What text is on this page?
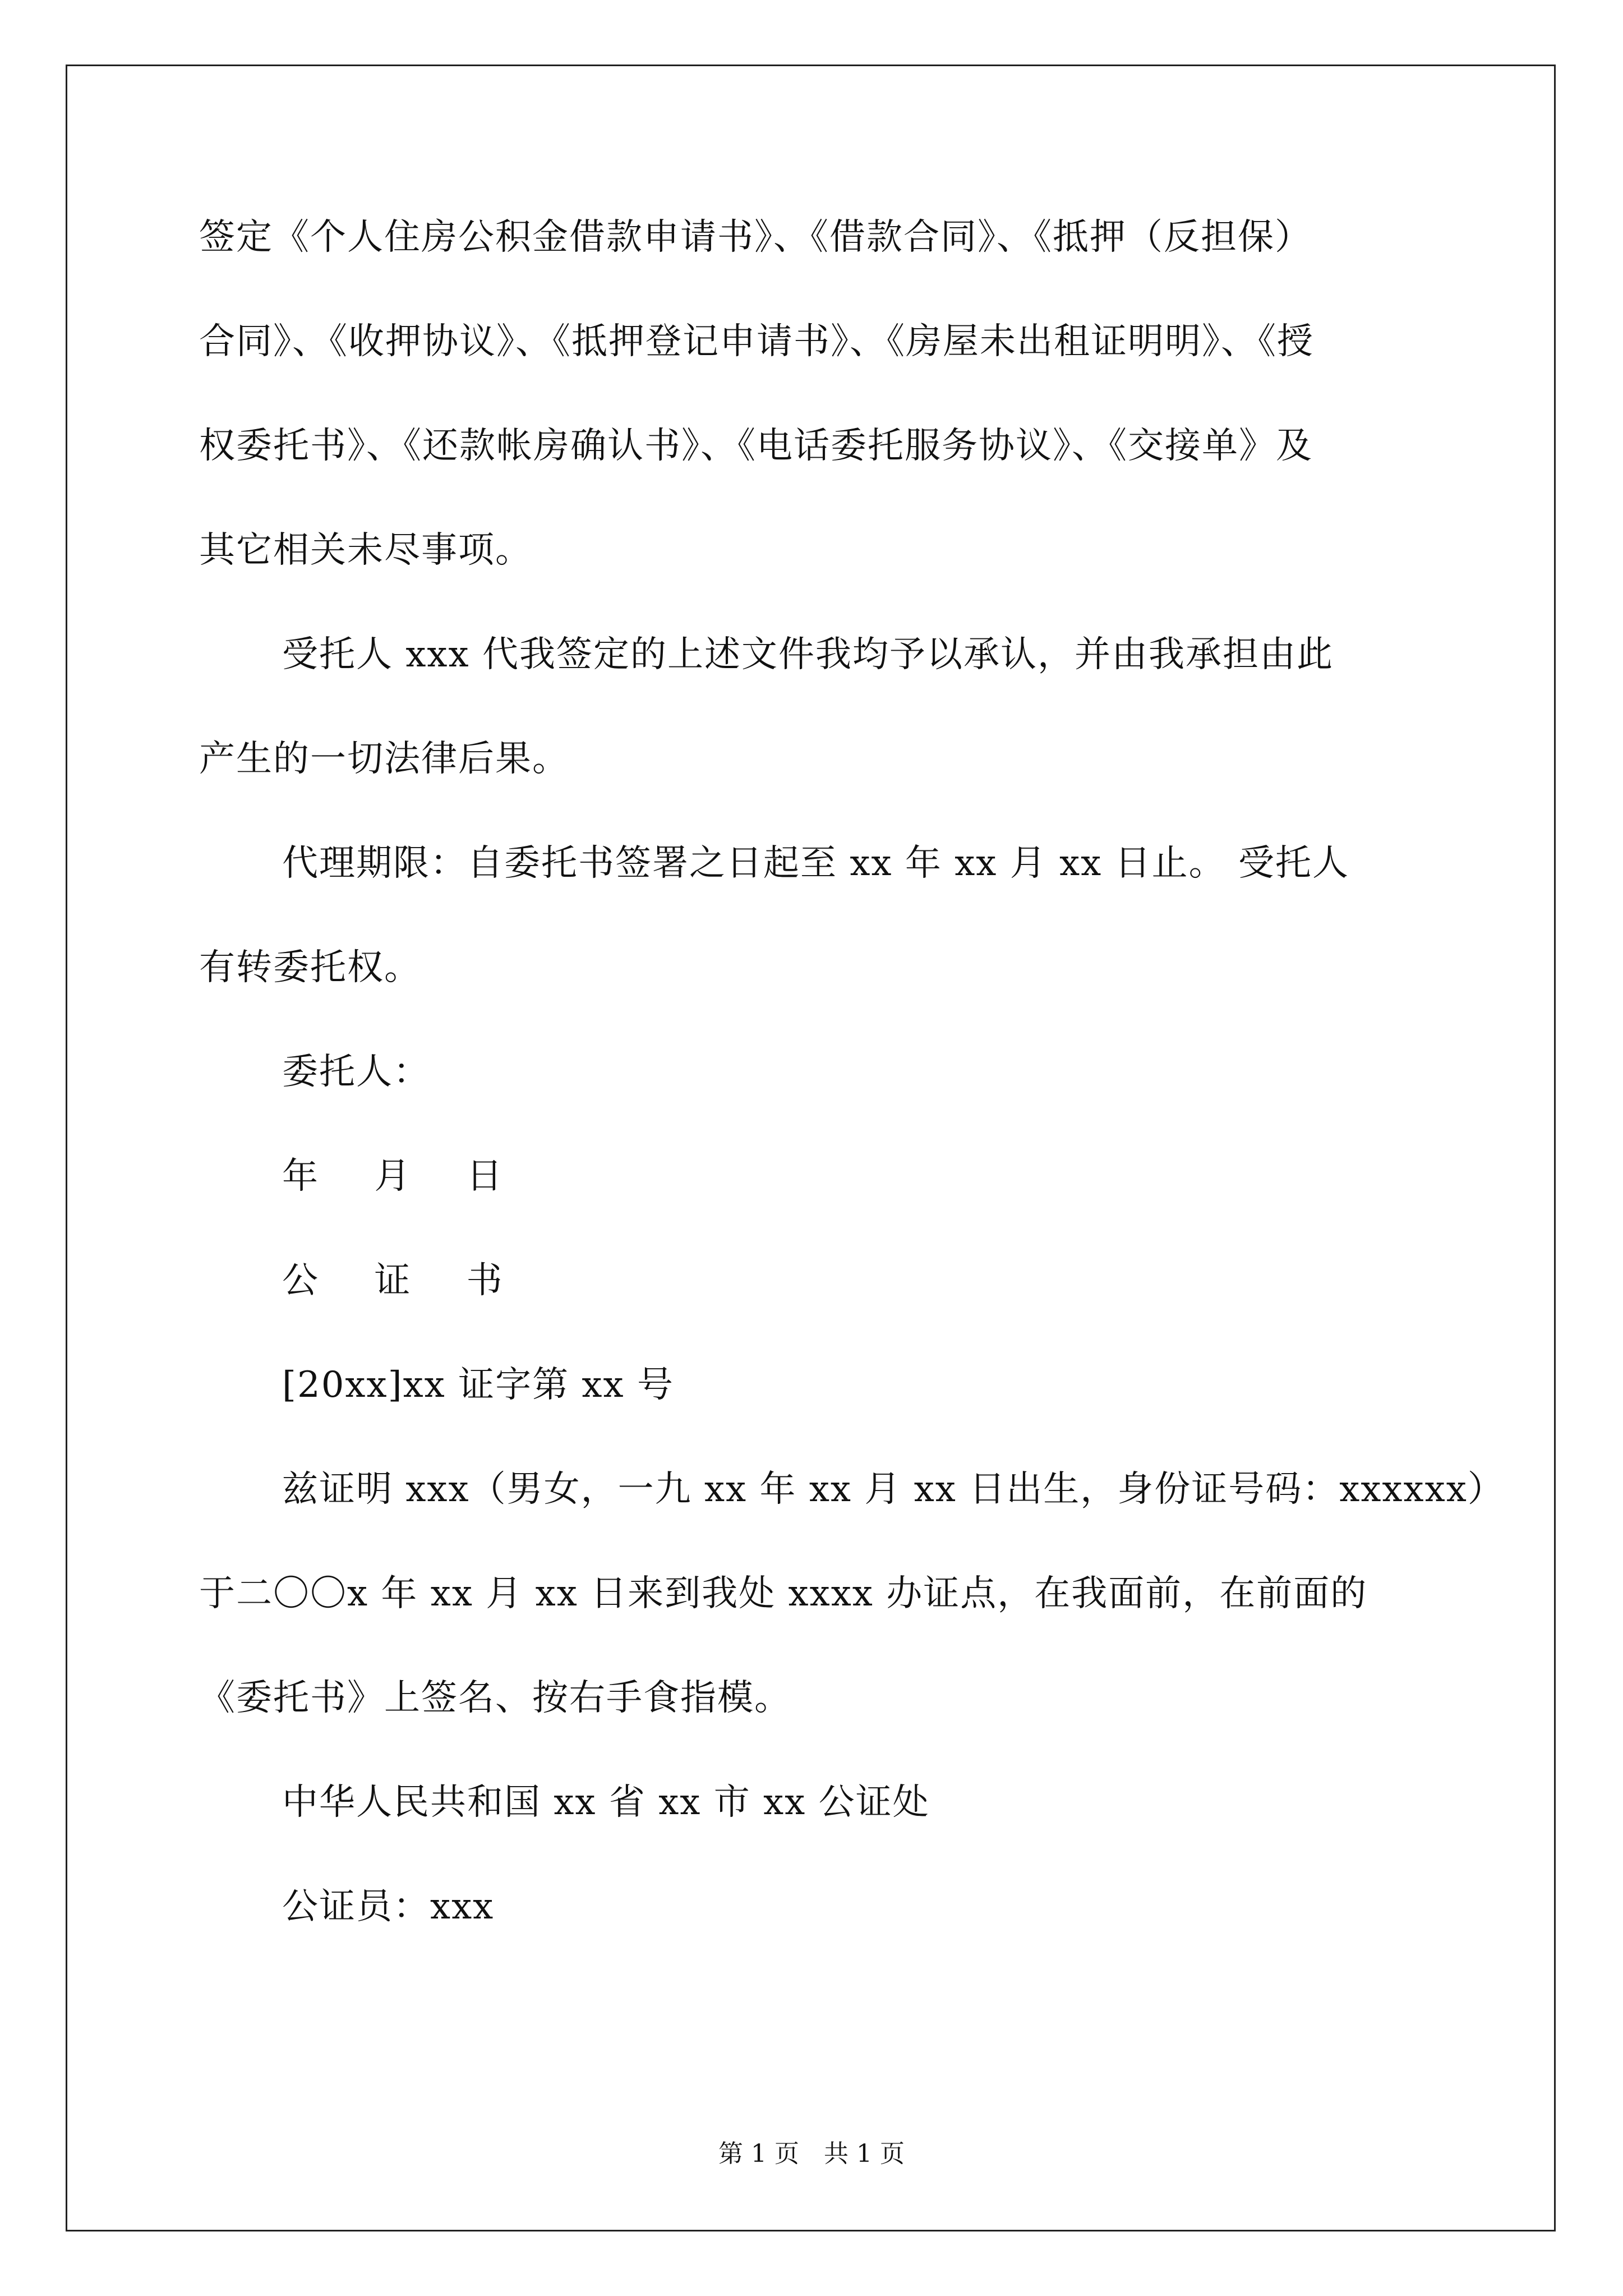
签定《个人住房公积金借款申请书》、《借款合同》、《抵押（反担保）
合同》、《收押协议》、《抵押登记申请书》、《房屋未出租证明明》、《授
权委托书》、《还款帐房确认书》、《电话委托服务协议》、《交接单》及
其它相关未尽事项。
受托人 xxx 代我签定的上述文件我均予以承认，并由我承担由此
产生的一切法律后果。
代理期限：自委托书签署之日起至 xx 年 xx 月 xx 日止。 受托人
有转委托权。
委托人：
年 月 日
公 证 书
[20xx]xx 证字第 xx 号
兹证明 xxx（男女，一九 xx 年 xx 月 xx 日出生，身份证号码：xxxxxx）
于二〇〇x 年 xx 月 xx 日来到我处 xxxx 办证点，在我面前，在前面的
《委托书》上签名、按右手食指模。
中华人民共和国 xx 省 xx 市 xx 公证处
公证员：xxx
第 1 页　共 1 页
